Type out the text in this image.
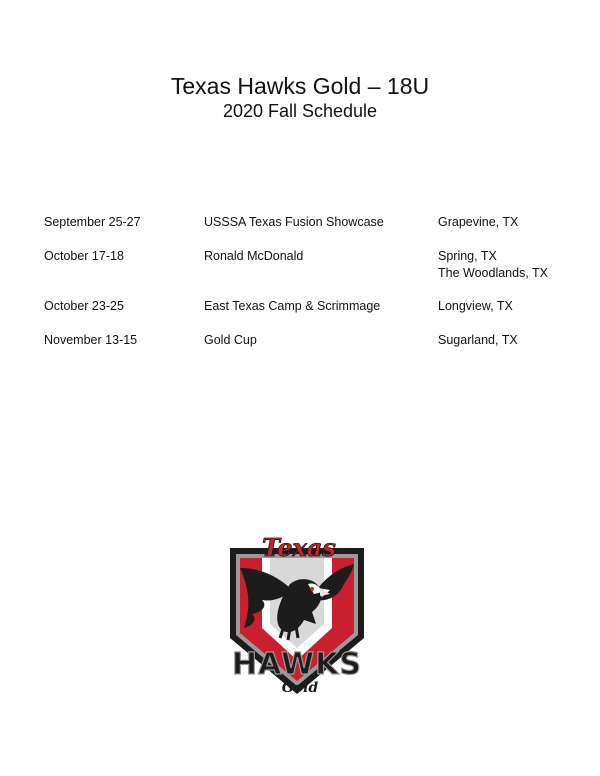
Texas Hawks Gold – 18U
2020 Fall Schedule
September 25-27	USSSA Texas Fusion Showcase	Grapevine, TX
October 17-18	Ronald McDonald	Spring, TX
The Woodlands, TX
October 23-25	East Texas Camp & Scrimmage	Longview, TX
November 13-15	Gold Cup	Sugarland, TX
Texas
HAWKS
Gold
